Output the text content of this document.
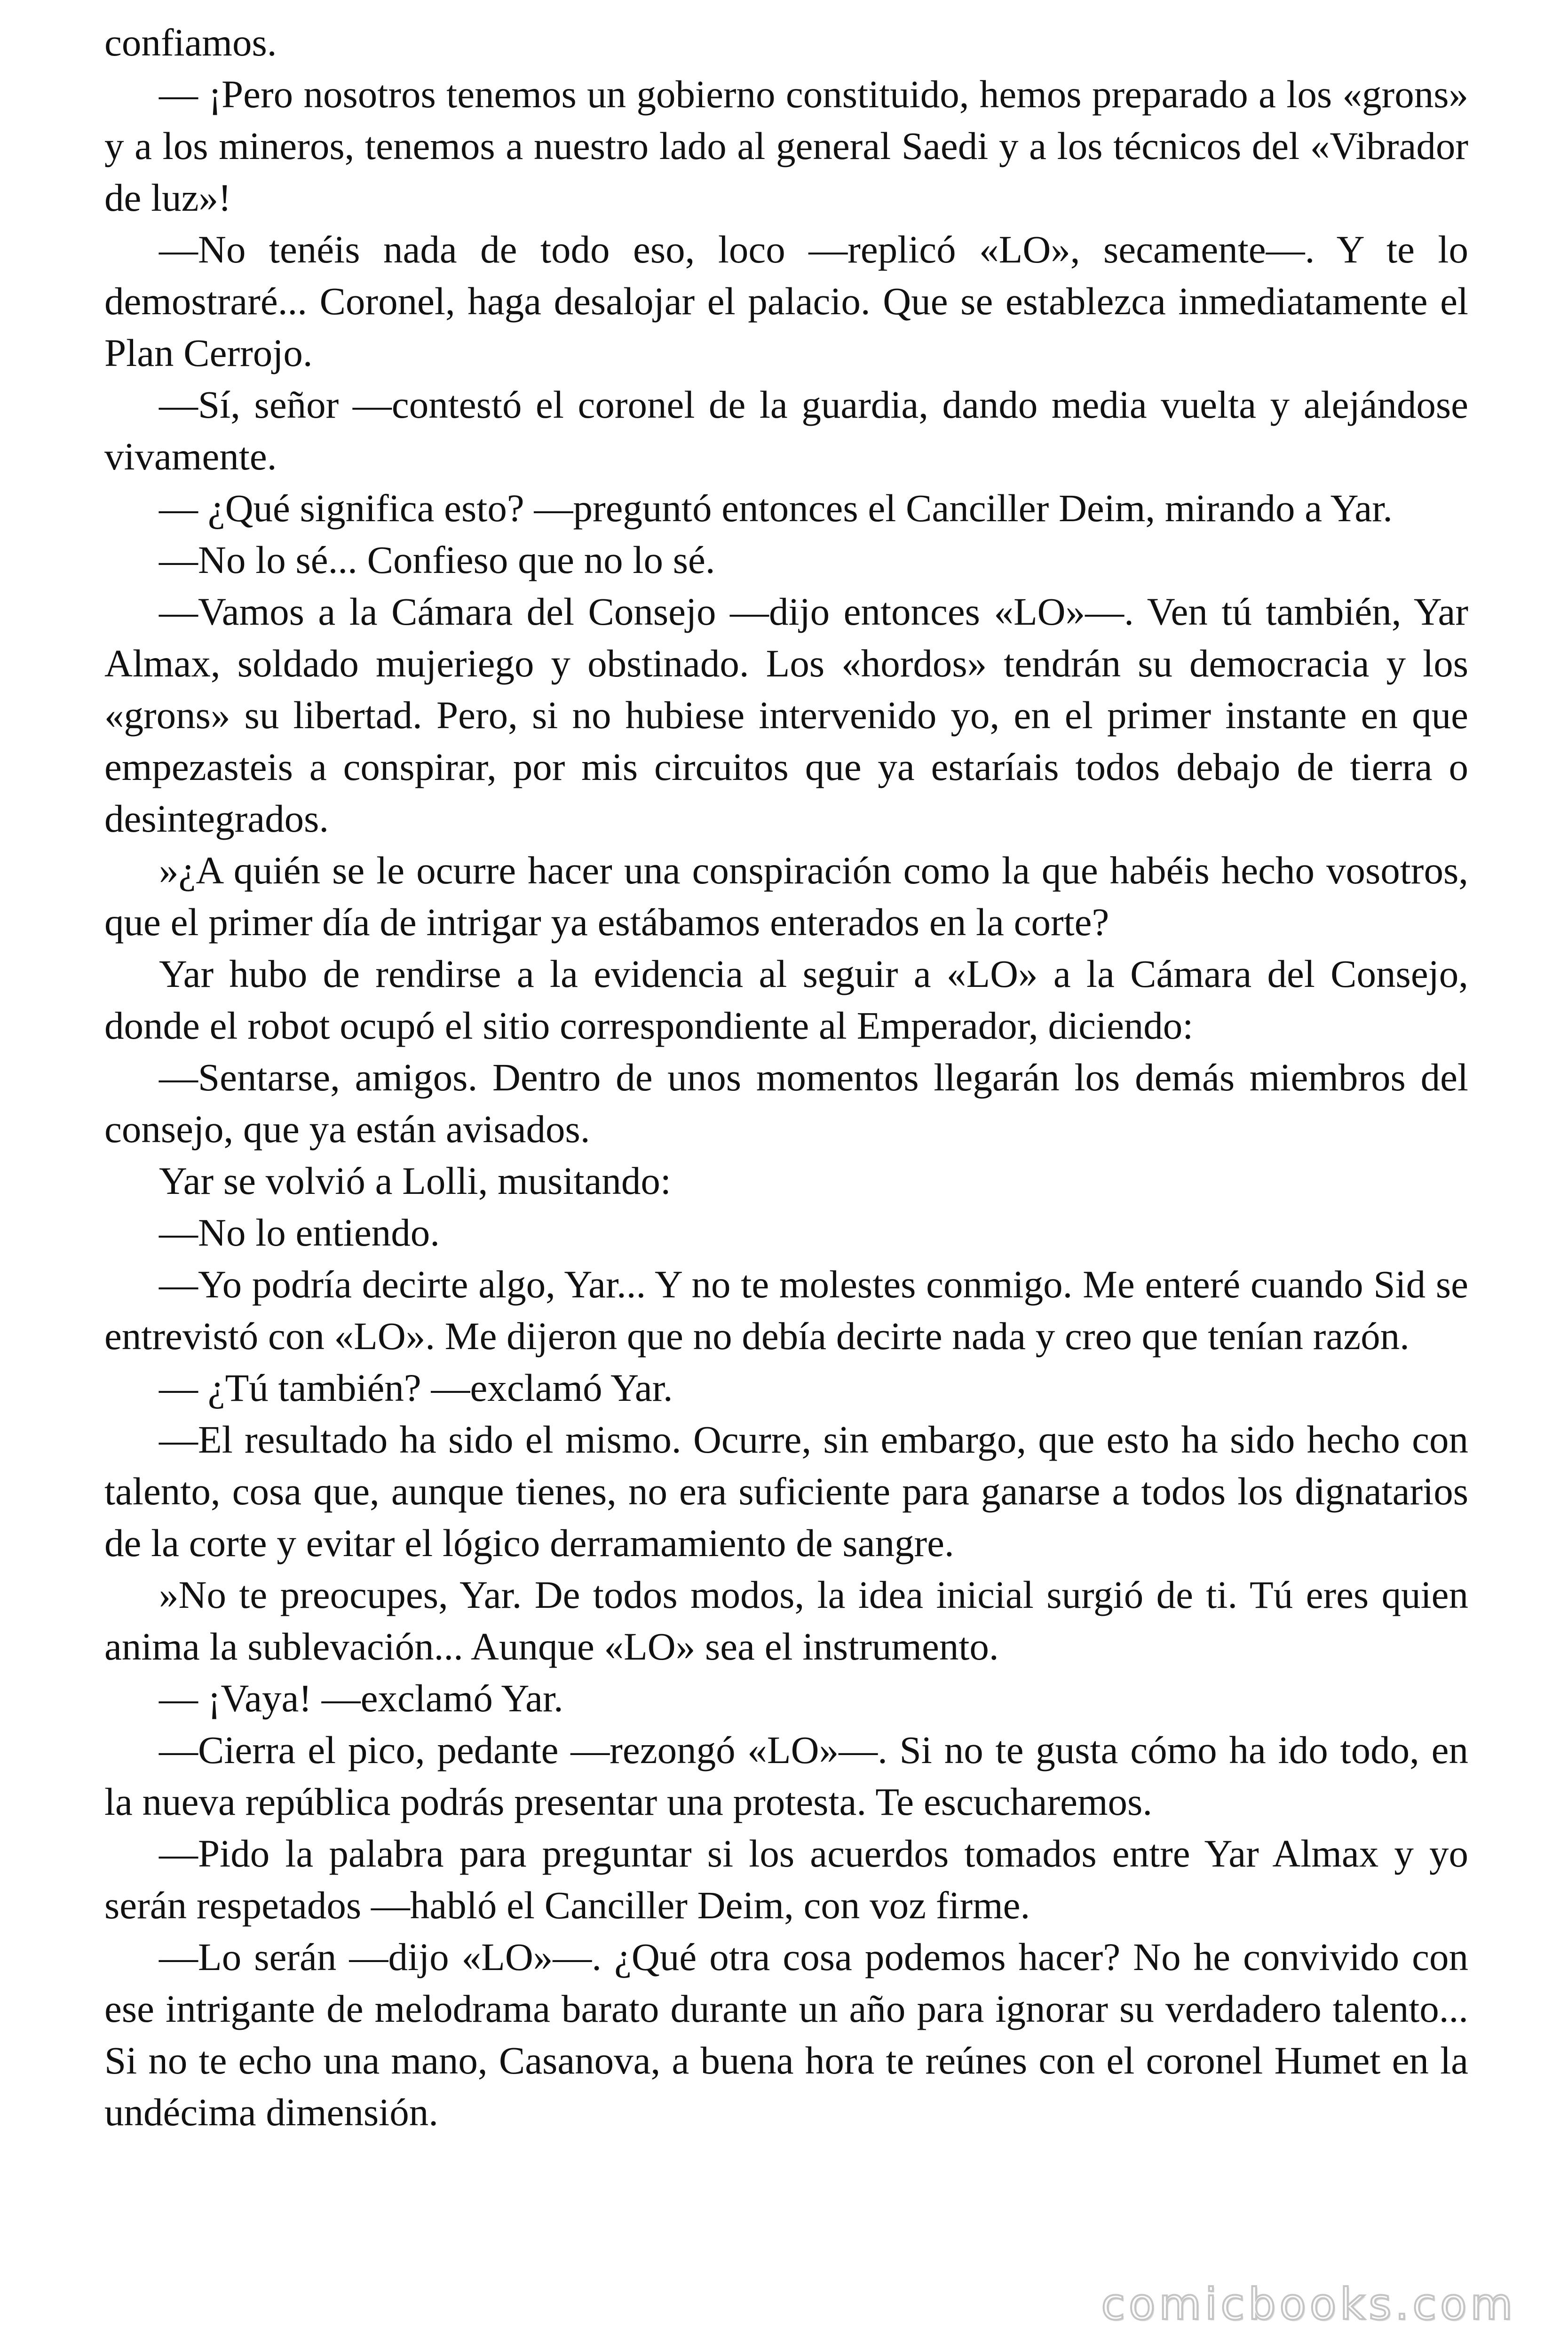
confiamos.

— ¡Pero nosotros tenemos un gobierno constituido, hemos preparado a los «grons» y a los mineros, tenemos a nuestro lado al general Saedi y a los técnicos del «Vibrador de luz»!

—No tenéis nada de todo eso, loco —replicó «LO», secamente—. Y te lo demostraré... Coronel, haga desalojar el palacio. Que se establezca inmediatamente el Plan Cerrojo.

—Sí, señor —contestó el coronel de la guardia, dando media vuelta y alejándose vivamente.

— ¿Qué significa esto? —preguntó entonces el Canciller Deim, mirando a Yar.

—No lo sé... Confieso que no lo sé.

—Vamos a la Cámara del Consejo —dijo entonces «LO»—. Ven tú también, Yar Almax, soldado mujeriego y obstinado. Los «hordos» tendrán su democracia y los «grons» su libertad. Pero, si no hubiese intervenido yo, en el primer instante en que empezasteis a conspirar, por mis circuitos que ya estaríais todos debajo de tierra o desintegrados.

»¿A quién se le ocurre hacer una conspiración como la que habéis hecho vosotros, que el primer día de intrigar ya estábamos enterados en la corte?

Yar hubo de rendirse a la evidencia al seguir a «LO» a la Cámara del Consejo, donde el robot ocupó el sitio correspondiente al Emperador, diciendo:

—Sentarse, amigos. Dentro de unos momentos llegarán los demás miembros del consejo, que ya están avisados.

Yar se volvió a Lolli, musitando:

—No lo entiendo.

—Yo podría decirte algo, Yar... Y no te molestes conmigo. Me enteré cuando Sid se entrevistó con «LO». Me dijeron que no debía decirte nada y creo que tenían razón.

— ¿Tú también? —exclamó Yar.

—El resultado ha sido el mismo. Ocurre, sin embargo, que esto ha sido hecho con talento, cosa que, aunque tienes, no era suficiente para ganarse a todos los dignatarios de la corte y evitar el lógico derramamiento de sangre.

»No te preocupes, Yar. De todos modos, la idea inicial surgió de ti. Tú eres quien anima la sublevación... Aunque «LO» sea el instrumento.

— ¡Vaya! —exclamó Yar.

—Cierra el pico, pedante —rezongó «LO»—. Si no te gusta cómo ha ido todo, en la nueva república podrás presentar una protesta. Te escucharemos.

—Pido la palabra para preguntar si los acuerdos tomados entre Yar Almax y yo serán respetados —habló el Canciller Deim, con voz firme.

—Lo serán —dijo «LO»—. ¿Qué otra cosa podemos hacer? No he convivido con ese intrigante de melodrama barato durante un año para ignorar su verdadero talento... Si no te echo una mano, Casanova, a buena hora te reúnes con el coronel Humet en la undécima dimensión.

comicbooks.com
